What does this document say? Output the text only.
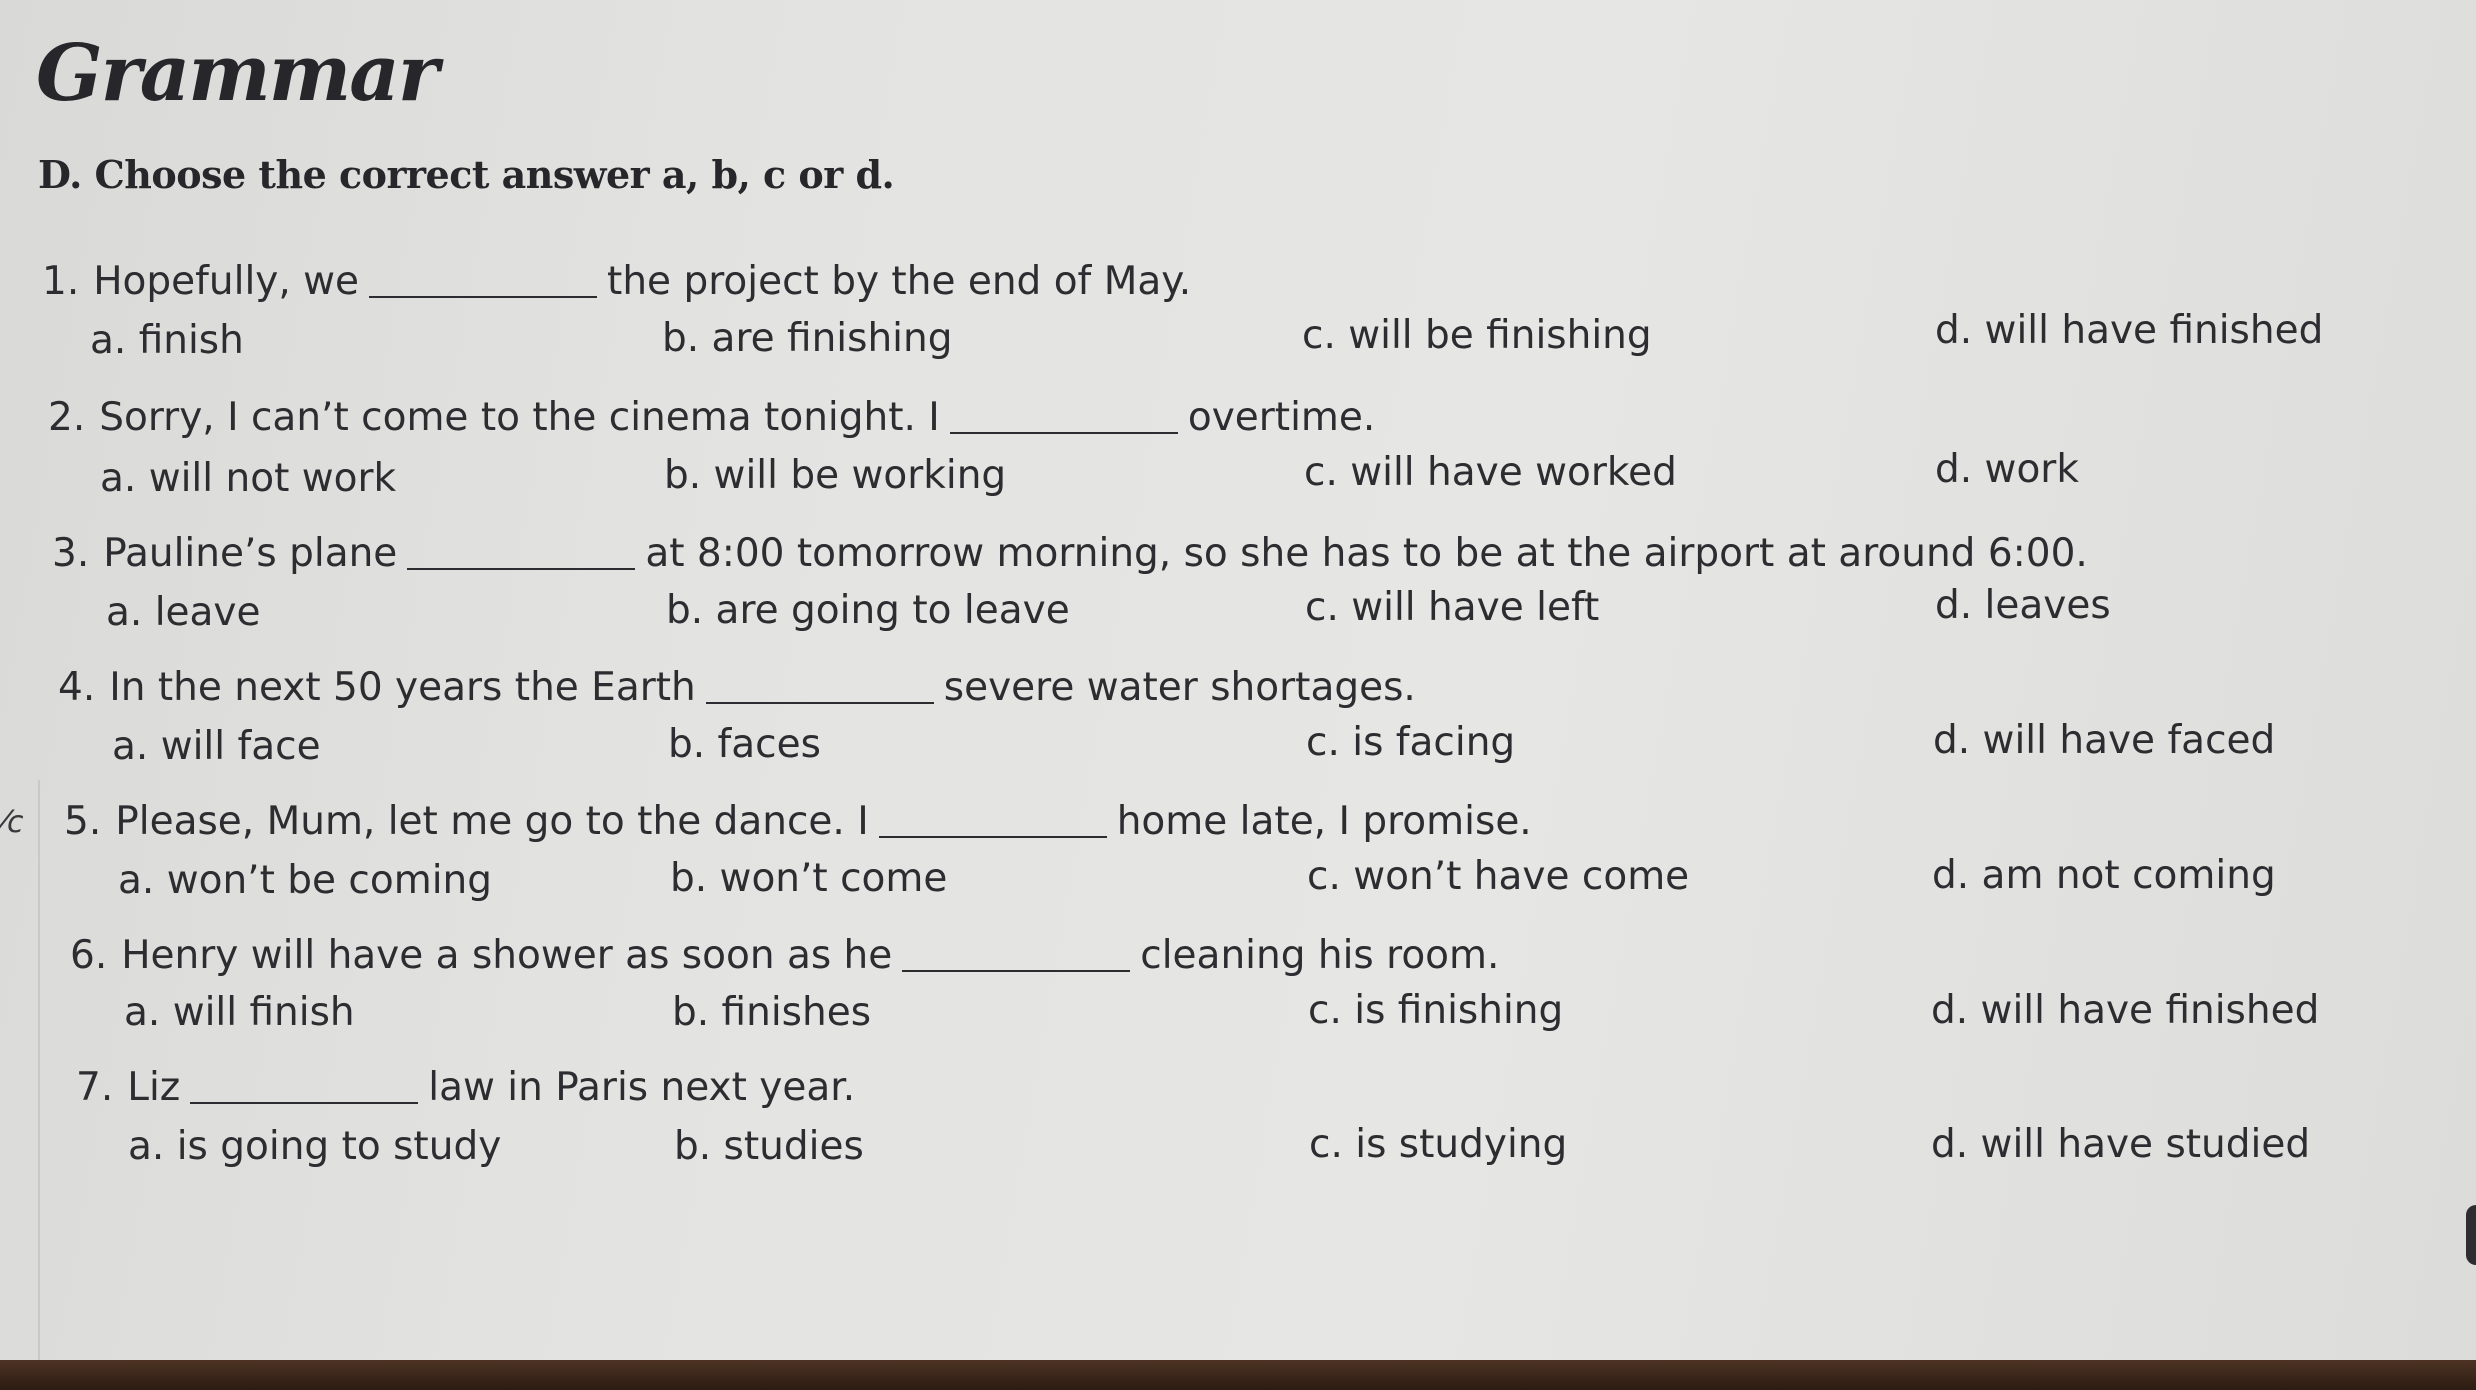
Grammar

D. Choose the correct answer a, b, c or d.

⁄c
1. Hopefully, we	the project by the end of May.
a. finish	b. are finishing	c. will be finishing	d. will have finished
2. Sorry, I can’t come to the cinema tonight. I	overtime.
a. will not work	b. will be working	c. will have worked	d. work
3. Pauline’s plane	at 8:00 tomorrow morning, so she has to be at the airport at around 6:00.
a. leave	b. are going to leave	c. will have left	d. leaves
4. In the next 50 years the Earth	severe water shortages.
a. will face	b. faces	c. is facing	d. will have faced
5. Please, Mum, let me go to the dance. I	home late, I promise.
a. won’t be coming	b. won’t come	c. won’t have come	d. am not coming
6. Henry will have a shower as soon as he	cleaning his room.
a. will finish	b. finishes	c. is finishing	d. will have finished
7. Liz	law in Paris next year.
a. is going to study	b. studies	c. is studying	d. will have studied
